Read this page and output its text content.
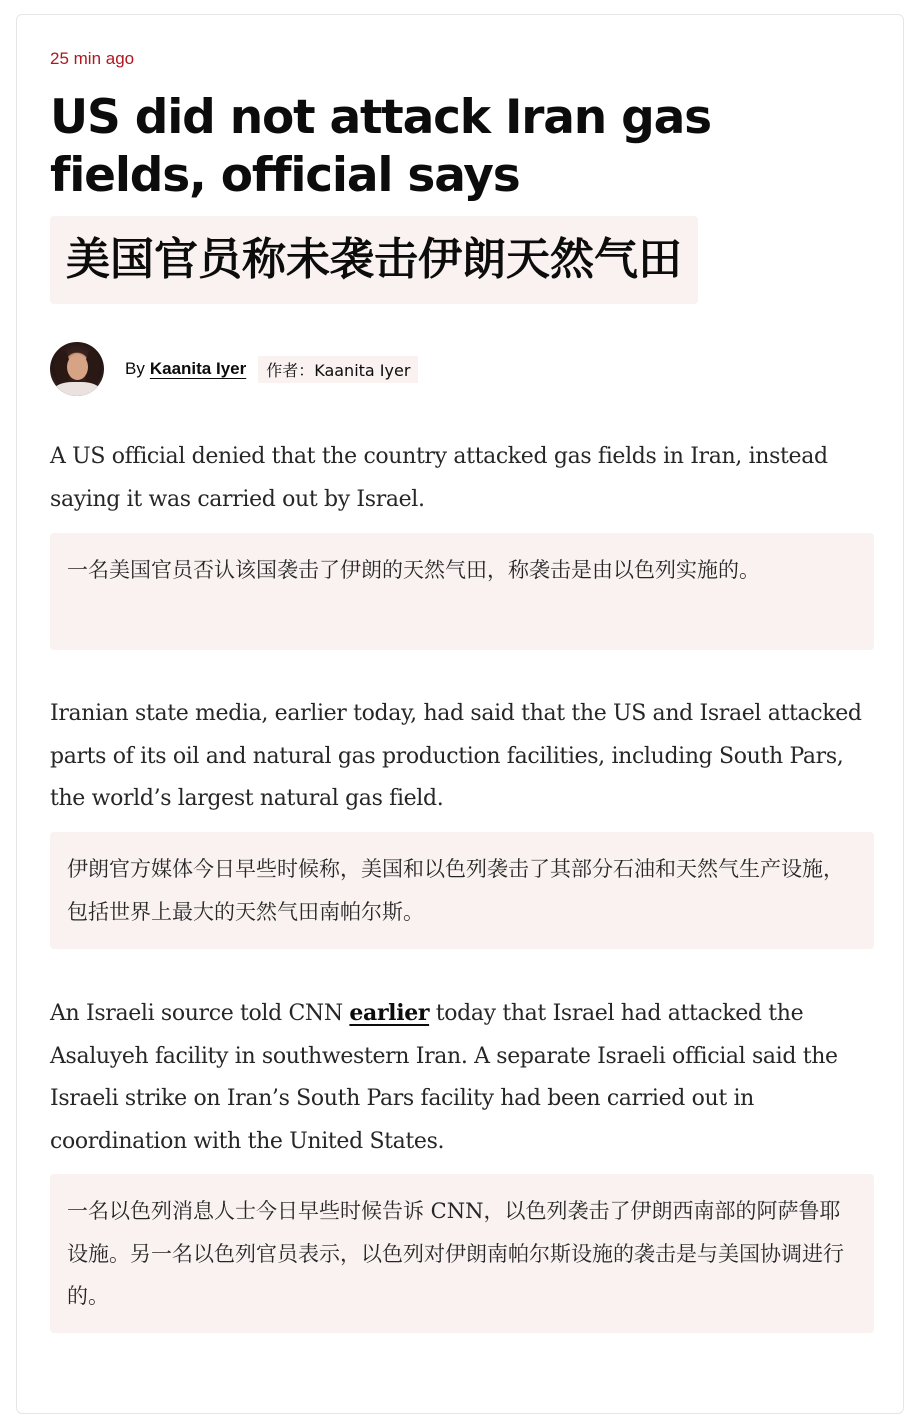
25 min ago
US did not attack Iran gas fields, official says
美国官员称未袭击伊朗天然气田
By Kaanita Iyer	作者：Kaanita Iyer

A US official denied that the country attacked gas fields in Iran, instead saying it was carried out by Israel.

一名美国官员否认该国袭击了伊朗的天然气田，称袭击是由以色列实施的。

Iranian state media, earlier today, had said that the US and Israel attacked parts of its oil and natural gas production facilities, including South Pars, the world’s largest natural gas field.

伊朗官方媒体今日早些时候称，美国和以色列袭击了其部分石油和天然气生产设施，包括世界上最大的天然气田南帕尔斯。

An Israeli source told CNN earlier today that Israel had attacked the Asaluyeh facility in southwestern Iran. A separate Israeli official said the Israeli strike on Iran’s South Pars facility had been carried out in coordination with the United States.

一名以色列消息人士今日早些时候告诉 CNN，以色列袭击了伊朗西南部的阿萨鲁耶设施。另一名以色列官员表示，以色列对伊朗南帕尔斯设施的袭击是与美国协调进行的。
